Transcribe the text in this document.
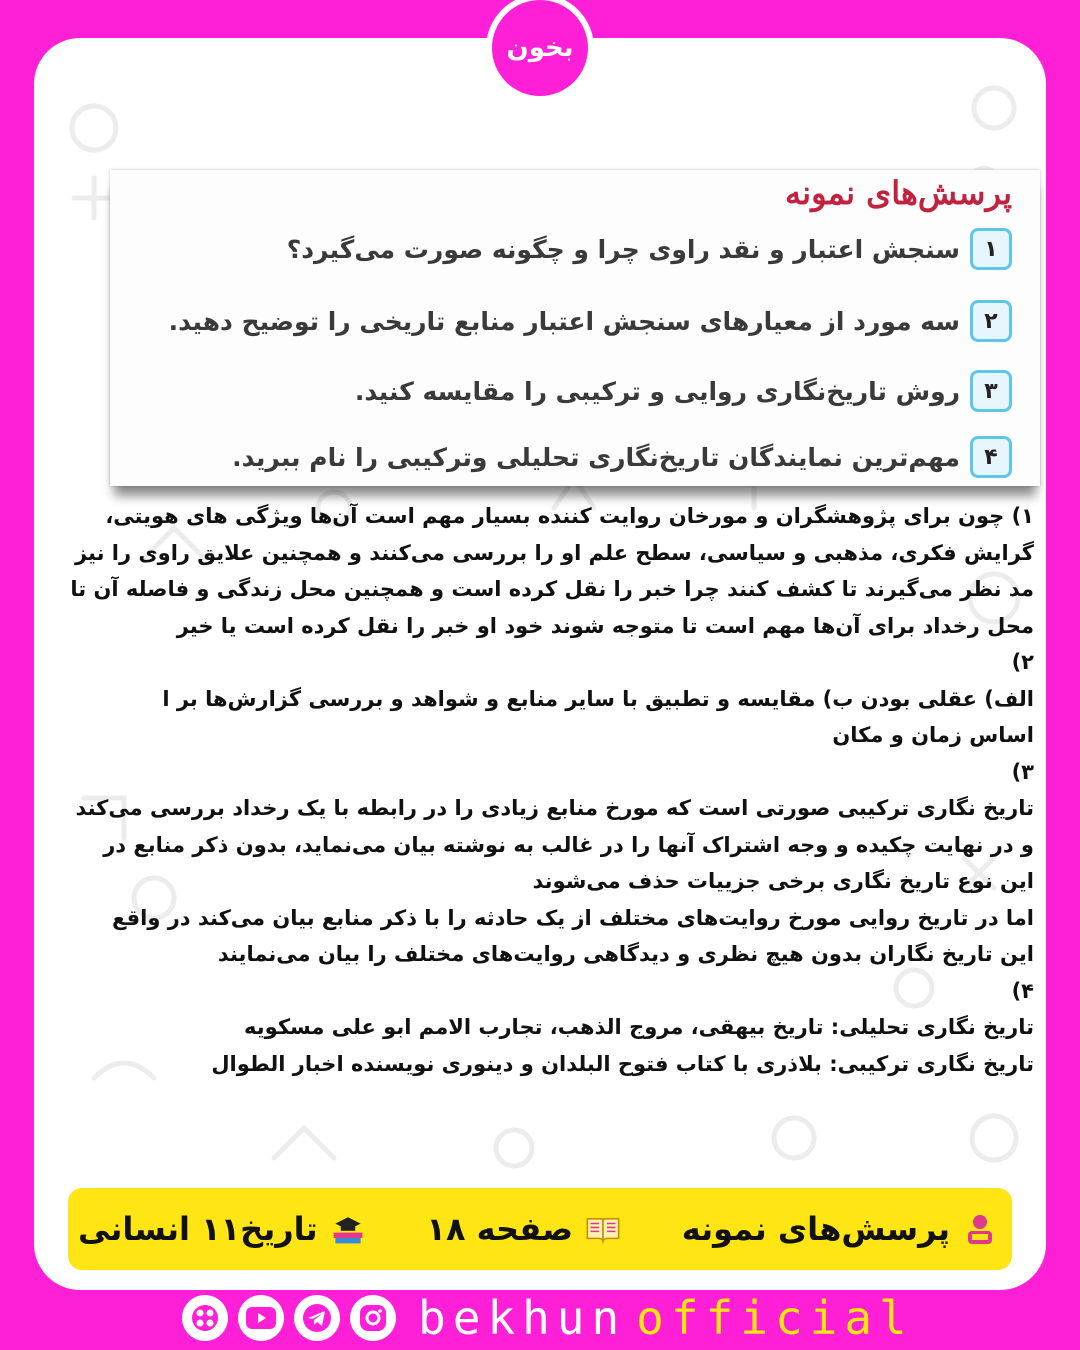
پرسش‌های نمونه
۱
سنجش اعتبار و نقد راوی چرا و چگونه صورت می‌گیرد؟
۲
سه مورد از معیارهای سنجش اعتبار منابع تاریخی را توضیح دهید.
۳
روش تاریخ‌نگاری روایی و ترکیبی را مقایسه کنید.
۴
مهم‌ترین نمایندگان تاریخ‌نگاری تحلیلی وترکیبی را نام ببرید.
بخون
۱) چون برای پژوهشگران و مورخان روایت کننده بسیار مهم است آن‌ها ویژگی های هویتی،
گرایش فکری، مذهبی و سیاسی، سطح علم او را بررسی می‌کنند و همچنین علایق راوی را نیز
مد نظر می‌گیرند تا کشف کنند چرا خبر را نقل کرده است و همچنین محل زندگی و فاصله آن تا
محل رخداد برای آن‌ها مهم است تا متوجه شوند خود او خبر را نقل کرده است یا خیر
۲)
الف) عقلی بودن ب) مقایسه و تطبیق با سایر منابع و شواهد و بررسی گزارش‌ها بر ا
اساس زمان و مکان
۳)
تاریخ نگاری ترکیبی صورتی است که مورخ منابع زیادی را در رابطه با یک رخداد بررسی می‌کند
و در نهایت چکیده و وجه اشتراک آنها را در غالب به نوشته بیان می‌نماید، بدون ذکر منابع در
این نوع تاریخ نگاری برخی جزییات حذف می‌شوند
اما در تاریخ روایی مورخ روایت‌های مختلف از یک حادثه را با ذکر منابع بیان می‌کند در واقع
این تاریخ نگاران بدون هیچ نظری و دیدگاهی روایت‌های مختلف را بیان می‌نمایند
۴)
تاریخ نگاری تحلیلی: تاریخ بیهقی، مروج الذهب، تجارب الامم ابو علی مسکویه
تاریخ نگاری ترکیبی: بلاذری با کتاب فتوح البلدان و دینوری نویسنده اخبار الطوال
پرسش‌های نمونه
صفحه ۱۸
تاریخ۱۱ انسانی
bekhun official
